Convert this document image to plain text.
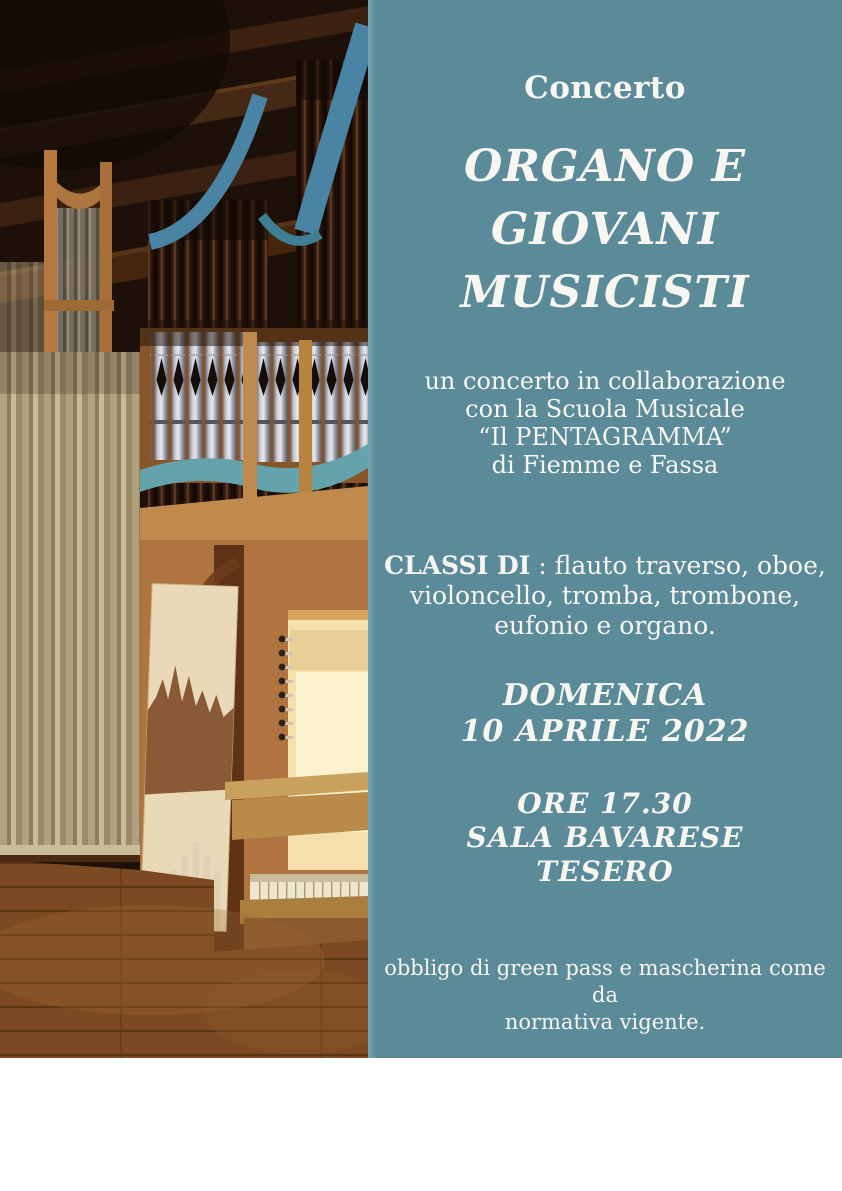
Concerto
ORGANO E
GIOVANI
MUSICISTI
un concerto in collaborazione
con la Scuola Musicale
“Il PENTAGRAMMA”
di Fiemme e Fassa
CLASSI DI : flauto traverso, oboe,
violoncello, tromba, trombone,
eufonio e organo.
DOMENICA
10 APRILE 2022
ORE 17.30
SALA BAVARESE
TESERO
obbligo di green pass e mascherina come da
normativa vigente.
